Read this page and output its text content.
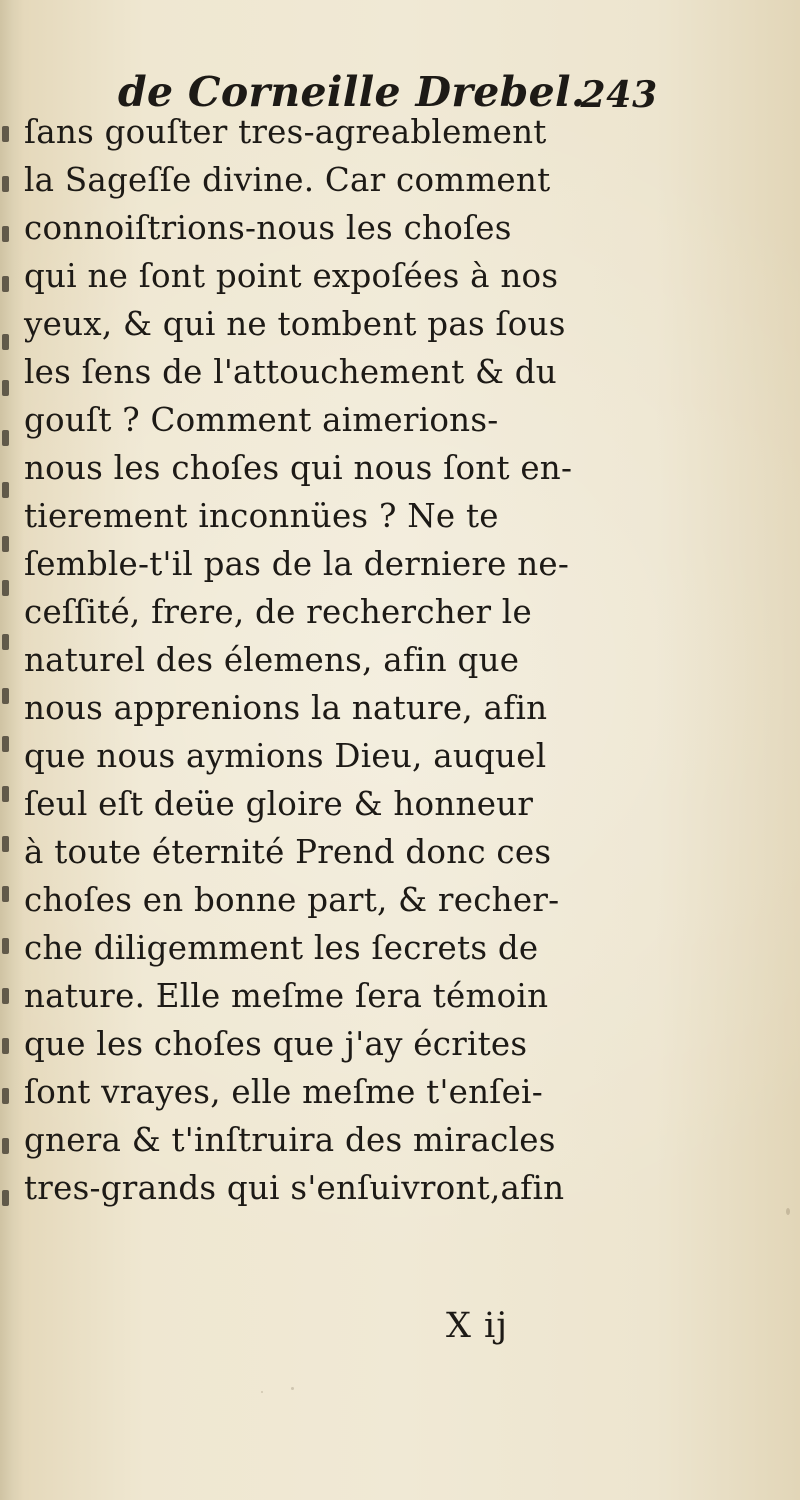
de Corneille Drebel.
243
ſans gouſter tres-agreablement
la Sageſſe divine. Car comment
connoiſtrions-nous les choſes
qui ne ſont point expoſées à nos
yeux, & qui ne tombent pas ſous
les ſens de l'attouchement & du
gouſt ? Comment aimerions-
nous les choſes qui nous ſont en-
tierement inconnües ? Ne te
ſemble-t'il pas de la derniere ne-
ceſſité, frere, de rechercher le
naturel des élemens, afin que
nous apprenions la nature, afin
que nous aymions Dieu, auquel
ſeul eſt deüe gloire & honneur
à toute éternité Prend donc ces
choſes en bonne part, & recher-
che diligemment les ſecrets de
nature. Elle meſme ſera témoin
que les choſes que j'ay écrites
ſont vrayes, elle meſme t'enſei-
gnera & t'inſtruira des miracles
tres-grands qui s'enſuivront,afin
X ij
